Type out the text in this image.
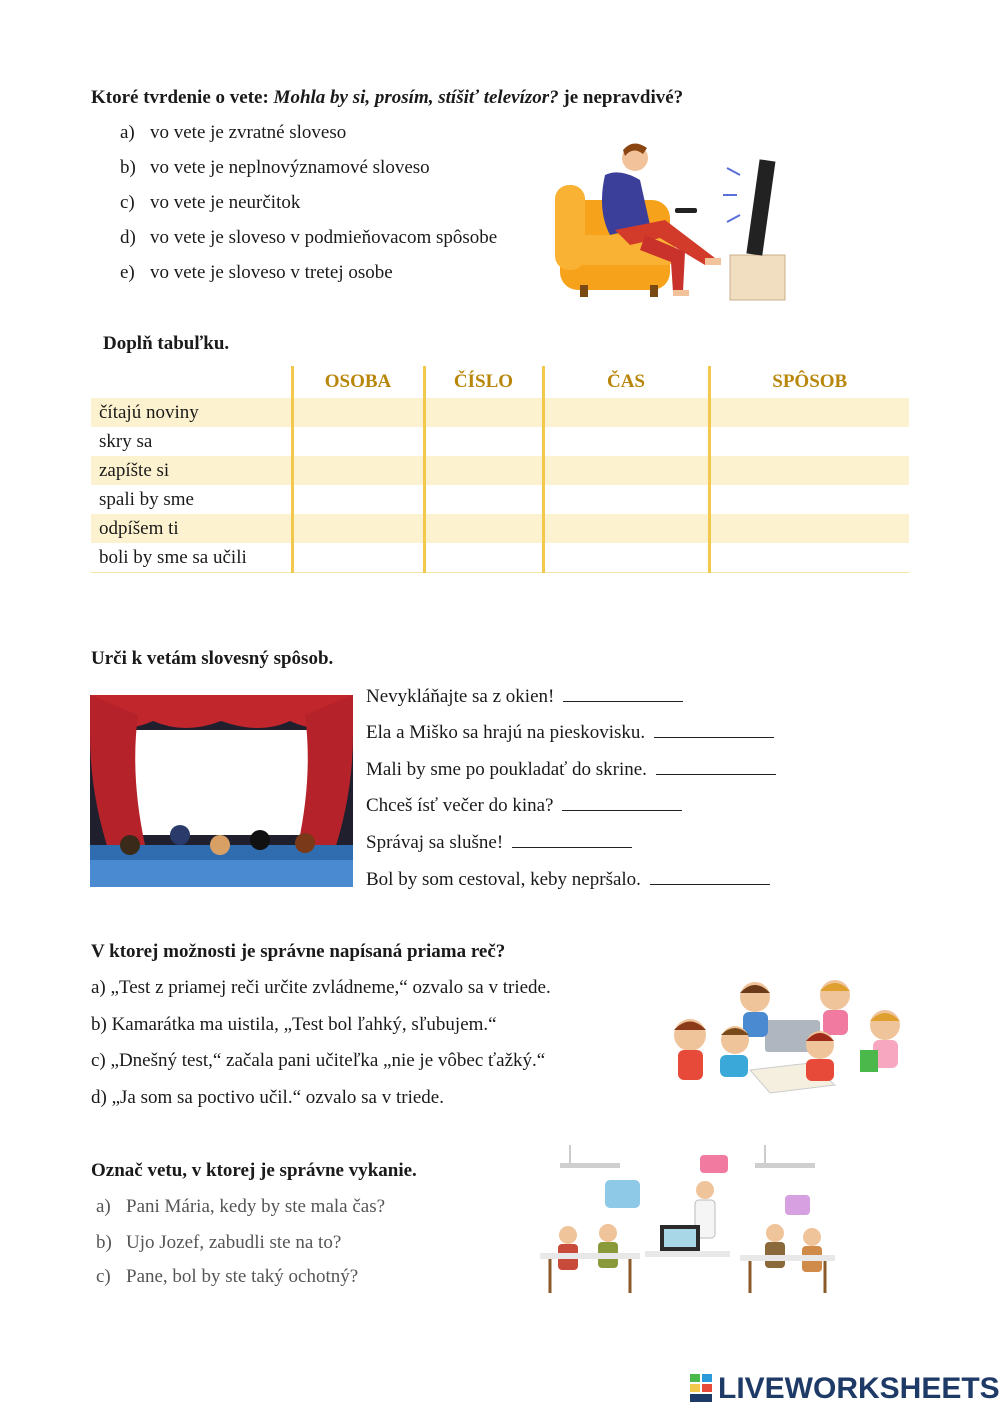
Ktoré tvrdenie o vete: Mohla by si, prosím, stíšiť televízor? je nepravdivé?
a) vo vete je zvratné sloveso
b) vo vete je neplnovýznamové sloveso
c) vo vete je neurčitok
d) vo vete je sloveso v podmieňovacom spôsobe
e) vo vete je sloveso v tretej osobe
Doplň tabuľku.
	OSOBA	ČÍSLO	ČAS	SPÔSOB
čítajú noviny				
skry sa				
zapíšte si				
spali by sme				
odpíšem ti				
boli by sme sa učili				
Urči k vetám slovesný spôsob.
Nevykláňajte sa z okien!
Ela a Miško sa hrajú na pieskovisku.
Mali by sme po poukladať do skrine.
Chceš ísť večer do kina?
Správaj sa slušne!
Bol by som cestoval, keby nepršalo.
V ktorej možnosti je správne napísaná priama reč?
a) „Test z priamej reči určite zvládneme,“ ozvalo sa v triede.
b) Kamarátka ma uistila, „Test bol ľahký, sľubujem.“
c) „Dnešný test,“ začala pani učiteľka „nie je vôbec ťažký.“
d) „Ja som sa poctivo učil.“ ozvalo sa v triede.
Označ vetu, v ktorej je správne vykanie.
a) Pani Mária, kedy by ste mala čas?
b) Ujo Jozef, zabudli ste na to?
c) Pane, bol by ste taký ochotný?
LIVEWORKSHEETS
